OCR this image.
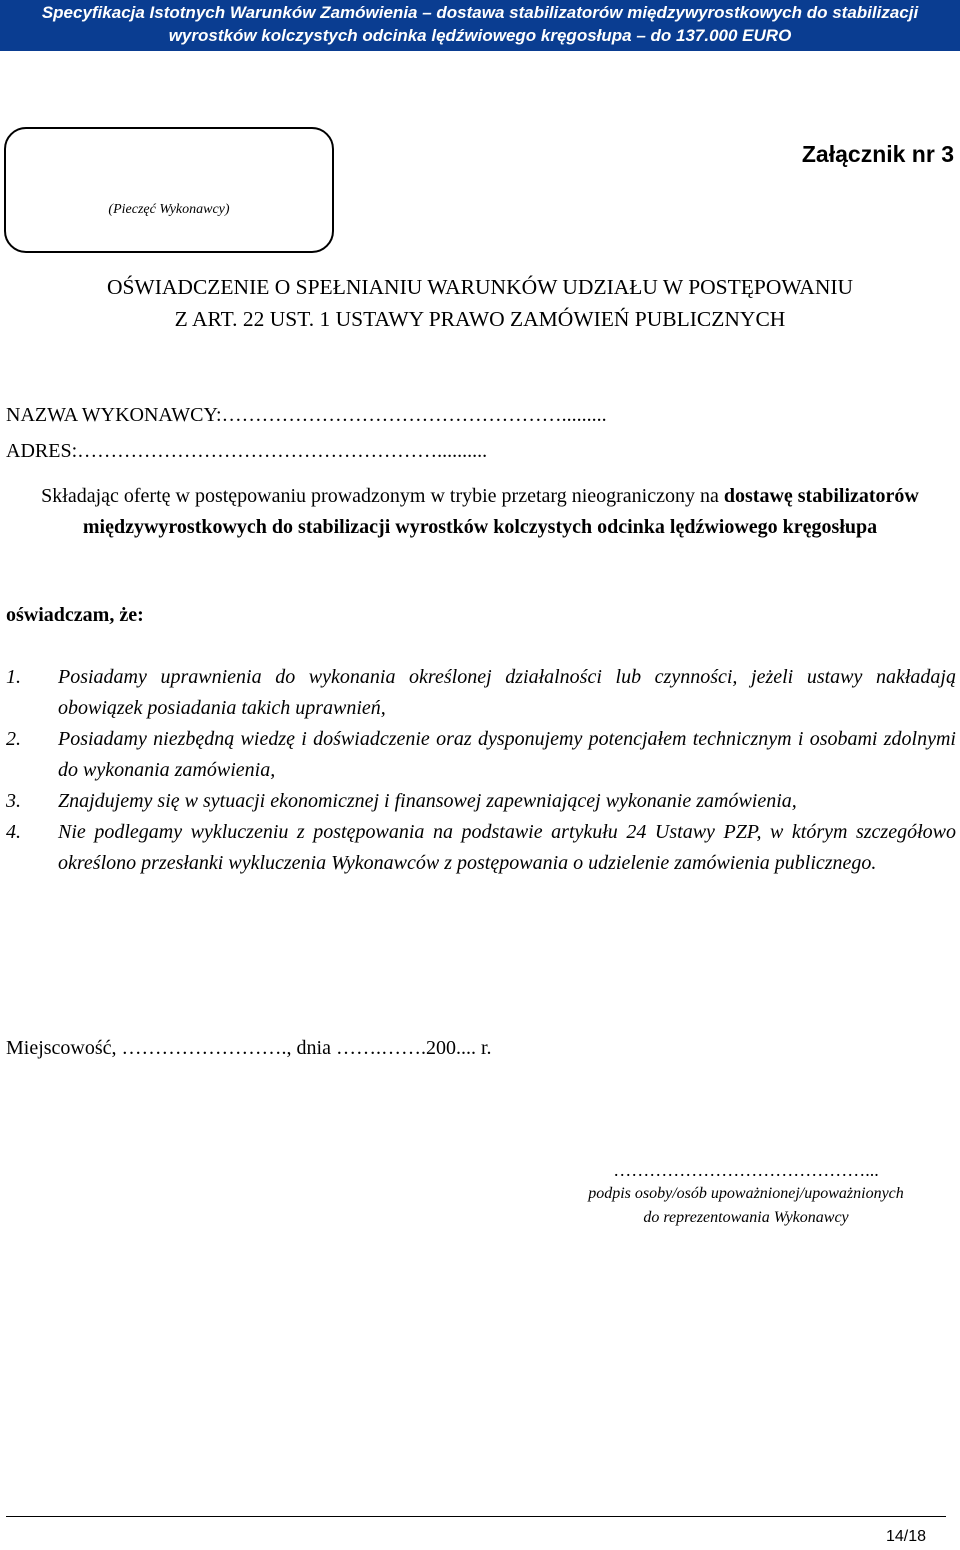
Specyfikacja Istotnych Warunków Zamówienia – dostawa stabilizatorów międzywyrostkowych do stabilizacji
wyrostków kolczystych odcinka lędźwiowego kręgosłupa – do 137.000 EURO
(Pieczęć Wykonawcy)
Załącznik nr 3
OŚWIADCZENIE O SPEŁNIANIU WARUNKÓW UDZIAŁU W POSTĘPOWANIU
Z ART. 22 UST. 1 USTAWY PRAWO ZAMÓWIEŃ PUBLICZNYCH
NAZWA WYKONAWCY:…………………………………………….........
ADRES:………………………………………………..........
Składając ofertę w postępowaniu prowadzonym w trybie przetarg nieograniczony na dostawę stabilizatorów międzywyrostkowych do stabilizacji wyrostków kolczystych odcinka lędźwiowego kręgosłupa
oświadczam, że:
1. Posiadamy uprawnienia do wykonania określonej działalności lub czynności, jeżeli ustawy nakładają obowiązek posiadania takich uprawnień,
2. Posiadamy niezbędną wiedzę i doświadczenie oraz dysponujemy potencjałem technicznym i osobami zdolnymi do wykonania zamówienia,
3. Znajdujemy się w sytuacji ekonomicznej i finansowej zapewniającej wykonanie zamówienia,
4. Nie podlegamy wykluczeniu z postępowania na podstawie artykułu 24 Ustawy PZP, w którym szczegółowo określono przesłanki wykluczenia Wykonawców z postępowania o udzielenie zamówienia publicznego.
Miejscowość, ……………………., dnia …….…….200.... r.
……………………………………...
podpis osoby/osób upoważnionej/upoważnionych
do reprezentowania Wykonawcy
14/18
